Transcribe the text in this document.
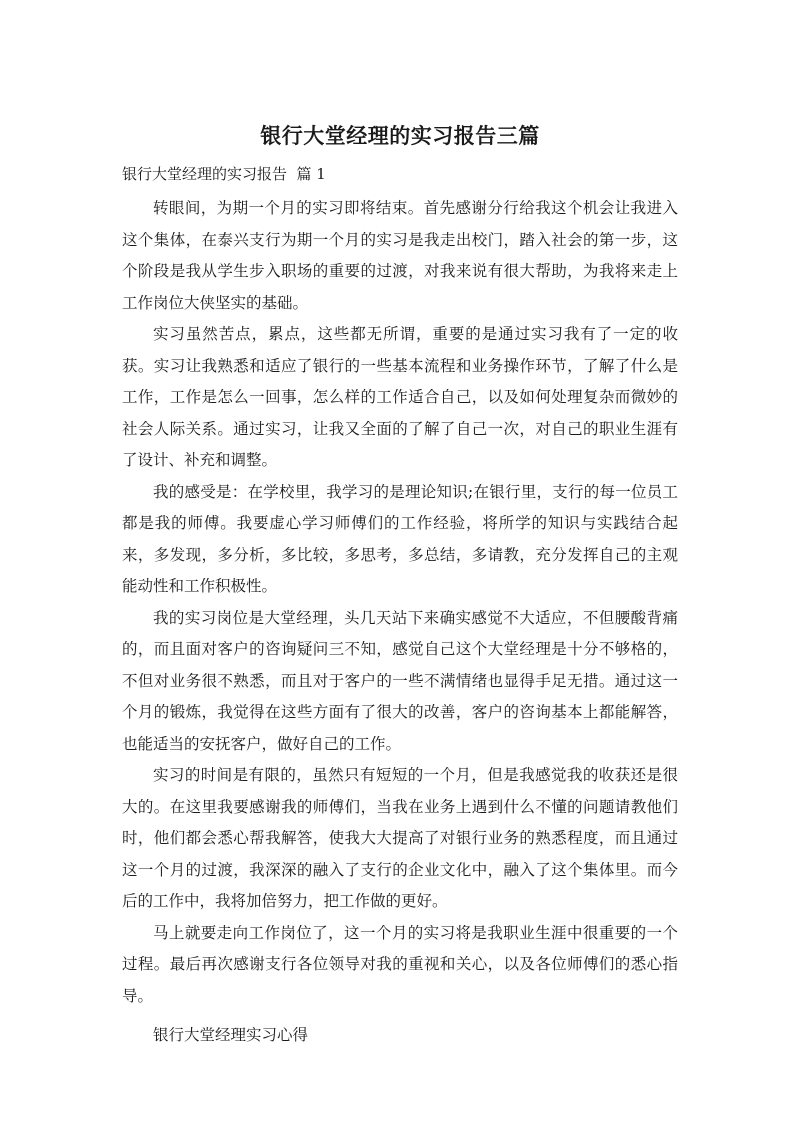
银行大堂经理的实习报告三篇

银行大堂经理的实习报告  篇 1

转眼间，为期一个月的实习即将结束。首先感谢分行给我这个机会让我进入这个集体，在泰兴支行为期一个月的实习是我走出校门，踏入社会的第一步，这个阶段是我从学生步入职场的重要的过渡，对我来说有很大帮助，为我将来走上工作岗位大侠坚实的基础。

实习虽然苦点，累点，这些都无所谓，重要的是通过实习我有了一定的收获。实习让我熟悉和适应了银行的一些基本流程和业务操作环节，了解了什么是工作，工作是怎么一回事，怎么样的工作适合自己，以及如何处理复杂而微妙的社会人际关系。通过实习，让我又全面的了解了自己一次，对自己的职业生涯有了设计、补充和调整。

我的感受是：在学校里，我学习的是理论知识;在银行里，支行的每一位员工都是我的师傅。我要虚心学习师傅们的工作经验，将所学的知识与实践结合起来，多发现，多分析，多比较，多思考，多总结，多请教，充分发挥自己的主观能动性和工作积极性。

我的实习岗位是大堂经理，头几天站下来确实感觉不大适应，不但腰酸背痛的，而且面对客户的咨询疑问三不知，感觉自己这个大堂经理是十分不够格的，不但对业务很不熟悉，而且对于客户的一些不满情绪也显得手足无措。通过这一个月的锻炼，我觉得在这些方面有了很大的改善，客户的咨询基本上都能解答，也能适当的安抚客户，做好自己的工作。

实习的时间是有限的，虽然只有短短的一个月，但是我感觉我的收获还是很大的。在这里我要感谢我的师傅们，当我在业务上遇到什么不懂的问题请教他们时，他们都会悉心帮我解答，使我大大提高了对银行业务的熟悉程度，而且通过这一个月的过渡，我深深的融入了支行的企业文化中，融入了这个集体里。而今后的工作中，我将加倍努力，把工作做的更好。

马上就要走向工作岗位了，这一个月的实习将是我职业生涯中很重要的一个过程。最后再次感谢支行各位领导对我的重视和关心，以及各位师傅们的悉心指导。

银行大堂经理实习心得
